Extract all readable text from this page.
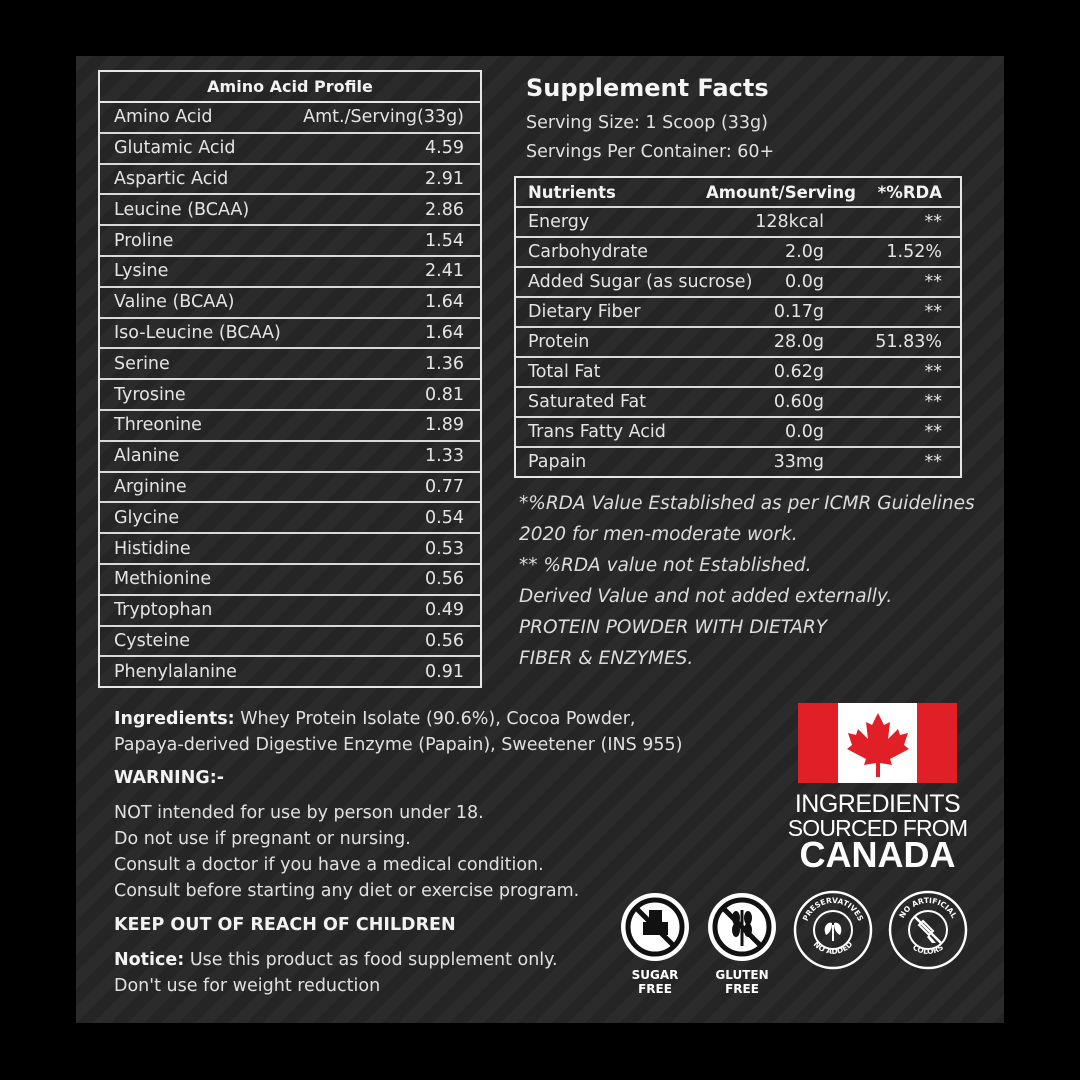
Amino Acid Profile
Amino Acid	Amt./Serving(33g)
Glutamic Acid	4.59
Aspartic Acid	2.91
Leucine (BCAA)	2.86
Proline	1.54
Lysine	2.41
Valine (BCAA)	1.64
Iso-Leucine (BCAA)	1.64
Serine	1.36
Tyrosine	0.81
Threonine	1.89
Alanine	1.33
Arginine	0.77
Glycine	0.54
Histidine	0.53
Methionine	0.56
Tryptophan	0.49
Cysteine	0.56
Phenylalanine	0.91
Supplement Facts
Serving Size: 1 Scoop (33g)
Servings Per Container: 60+
Nutrients	Amount/Serving	*%RDA
Energy	128kcal	**
Carbohydrate	2.0g	1.52%
Added Sugar (as sucrose)	0.0g	**
Dietary Fiber	0.17g	**
Protein	28.0g	51.83%
Total Fat	0.62g	**
Saturated Fat	0.60g	**
Trans Fatty Acid	0.0g	**
Papain	33mg	**
*%RDA Value Established as per ICMR Guidelines
2020 for men-moderate work.
** %RDA value not Established.
Derived Value and not added externally.
PROTEIN POWDER WITH DIETARY
FIBER & ENZYMES.
Ingredients: Whey Protein Isolate (90.6%), Cocoa Powder,
Papaya-derived Digestive Enzyme (Papain), Sweetener (INS 955)
WARNING:-
NOT intended for use by person under 18.
Do not use if pregnant or nursing.
Consult a doctor if you have a medical condition.
Consult before starting any diet or exercise program.
KEEP OUT OF REACH OF CHILDREN
Notice: Use this product as food supplement only.
Don't use for weight reduction
INGREDIENTS
SOURCED FROM
CANADA
SUGAR
FREE
GLUTEN
FREE
PRESERVATIVES
NO ADDED
NO ARTIFICIAL
COLORS
